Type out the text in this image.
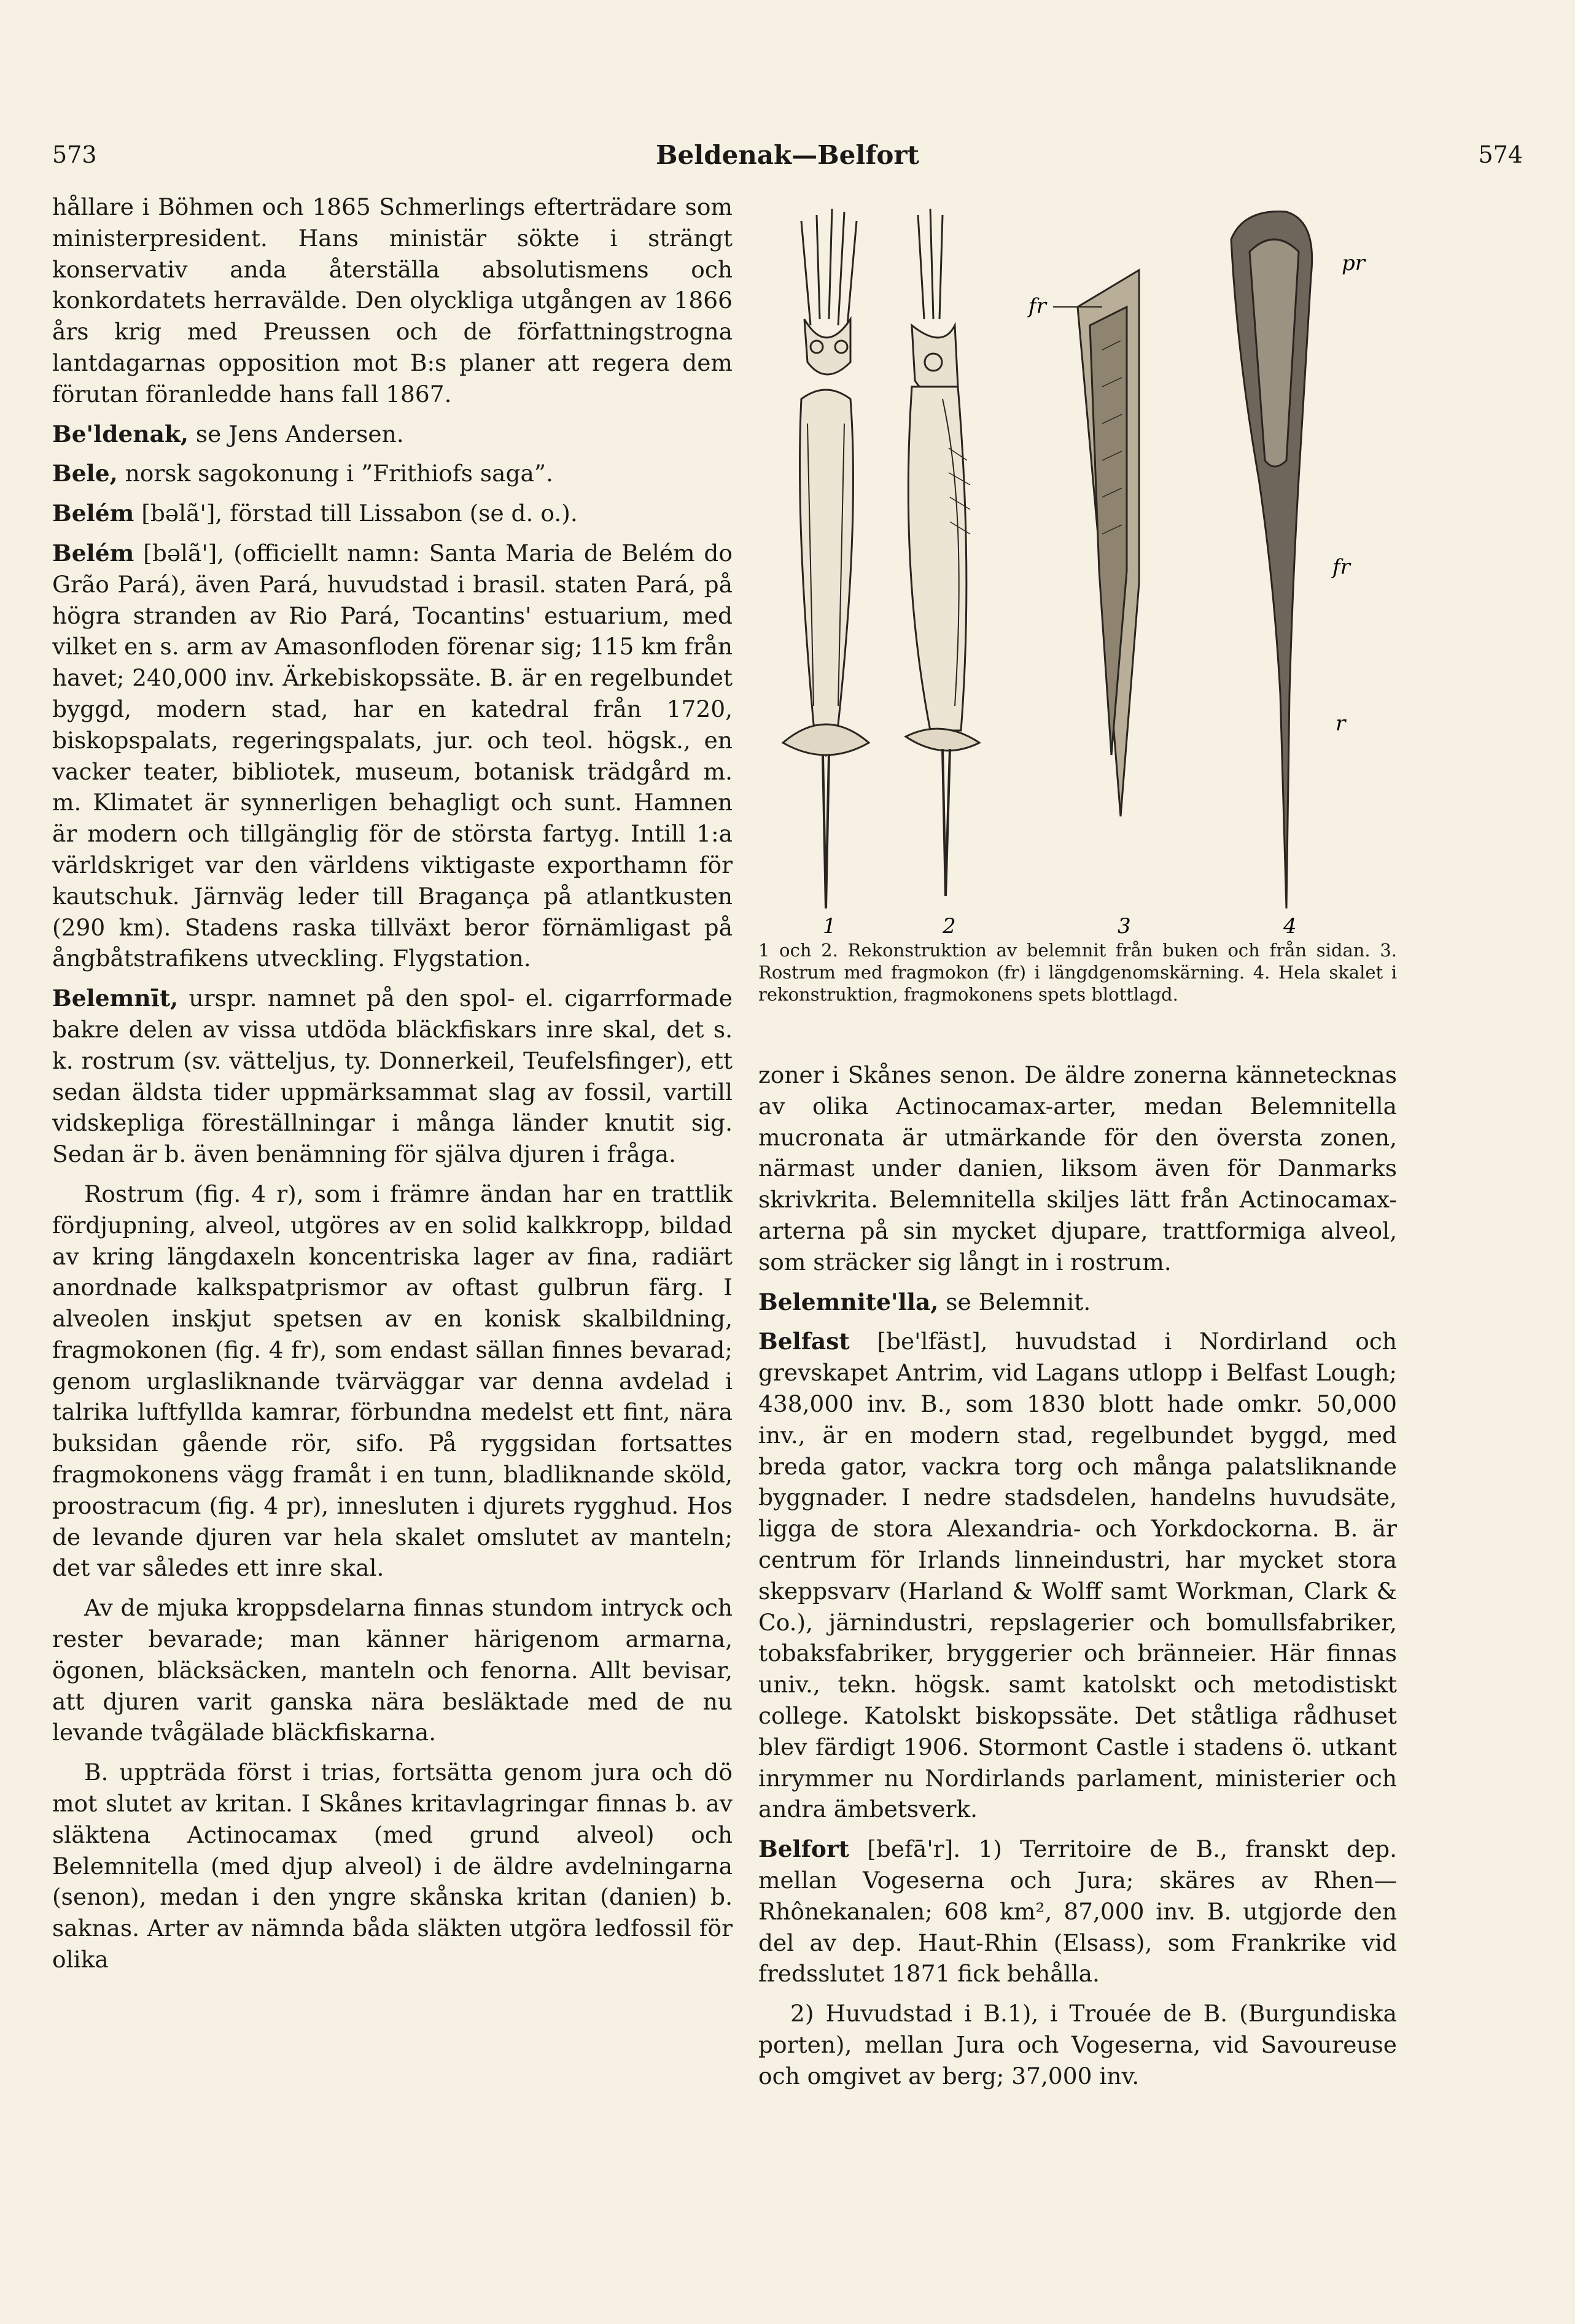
573	Beldenak—Belfort	574

hållare i Böhmen och 1865 Schmerlings efterträdare som ministerpresident. Hans ministär sökte i strängt konservativ anda återställa absolutismens och konkordatets herravälde. Den olyckliga utgången av 1866 års krig med Preussen och de författningstrogna lantdagarnas opposition mot B:s planer att regera dem förutan föranledde hans fall 1867.

Be'ldenak, se Jens Andersen.

Bele, norsk sagokonung i ”Frithiofs saga”.

Belém [bəlã'], förstad till Lissabon (se d. o.).

Belém [bəlã'], (officiellt namn: Santa Maria de Belém do Grão Pará), även Pará, huvudstad i brasil. staten Pará, på högra stranden av Rio Pará, Tocantins' estuarium, med vilket en s. arm av Amasonfloden förenar sig; 115 km från havet; 240,000 inv. Ärkebiskopssäte. B. är en regelbundet byggd, modern stad, har en katedral från 1720, biskopspalats, regeringspalats, jur. och teol. högsk., en vacker teater, bibliotek, museum, botanisk trädgård m. m. Klimatet är synnerligen behagligt och sunt. Hamnen är modern och tillgänglig för de största fartyg. Intill 1:a världskriget var den världens viktigaste exporthamn för kautschuk. Järnväg leder till Bragança på atlantkusten (290 km). Stadens raska tillväxt beror förnämligast på ångbåtstrafikens utveckling. Flygstation.

Belemnīt, urspr. namnet på den spol- el. cigarrformade bakre delen av vissa utdöda bläckfiskars inre skal, det s. k. rostrum (sv. vätteljus, ty. Donnerkeil, Teufelsfinger), ett sedan äldsta tider uppmärksammat slag av fossil, vartill vidskepliga föreställningar i många länder knutit sig. Sedan är b. även benämning för själva djuren i fråga.

Rostrum (fig. 4 r), som i främre ändan har en trattlik fördjupning, alveol, utgöres av en solid kalkkropp, bildad av kring längdaxeln koncentriska lager av fina, radiärt anordnade kalkspatprismor av oftast gulbrun färg. I alveolen inskjut spetsen av en konisk skalbildning, fragmokonen (fig. 4 fr), som endast sällan finnes bevarad; genom urglasliknande tvärväggar var denna avdelad i talrika luftfyllda kamrar, förbundna medelst ett fint, nära buksidan gående rör, sifo. På ryggsidan fortsattes fragmokonens vägg framåt i en tunn, bladliknande sköld, proostracum (fig. 4 pr), innesluten i djurets rygghud. Hos de levande djuren var hela skalet omslutet av manteln; det var således ett inre skal.

Av de mjuka kroppsdelarna finnas stundom intryck och rester bevarade; man känner härigenom armarna, ögonen, bläcksäcken, manteln och fenorna. Allt bevisar, att djuren varit ganska nära besläktade med de nu levande tvågälade bläckfiskarna.

B. uppträda först i trias, fortsätta genom jura och dö mot slutet av kritan. I Skånes kritavlagringar finnas b. av släktena Actinocamax (med grund alveol) och Belemnitella (med djup alveol) i de äldre avdelningarna (senon), medan i den yngre skånska kritan (danien) b. saknas. Arter av nämnda båda släkten utgöra ledfossil för olika

fr
pr
fr
r
1	2	3	4
1 och 2. Rekonstruktion av belemnit från buken och från sidan. 3. Rostrum med fragmokon (fr) i längdgenomskärning. 4. Hela skalet i rekonstruktion, fragmokonens spets blottlagd.

zoner i Skånes senon. De äldre zonerna kännetecknas av olika Actinocamax-arter, medan Belemnitella mucronata är utmärkande för den översta zonen, närmast under danien, liksom även för Danmarks skrivkrita. Belemnitella skiljes lätt från Actinocamax-arterna på sin mycket djupare, trattformiga alveol, som sträcker sig långt in i rostrum.

Belemnite'lla, se Belemnit.

Belfast [be'lfäst], huvudstad i Nordirland och grevskapet Antrim, vid Lagans utlopp i Belfast Lough; 438,000 inv. B., som 1830 blott hade omkr. 50,000 inv., är en modern stad, regelbundet byggd, med breda gator, vackra torg och många palatsliknande byggnader. I nedre stadsdelen, handelns huvudsäte, ligga de stora Alexandria- och Yorkdockorna. B. är centrum för Irlands linneindustri, har mycket stora skeppsvarv (Harland & Wolff samt Workman, Clark & Co.), järnindustri, repslagerier och bomullsfabriker, tobaksfabriker, bryggerier och bränneier. Här finnas univ., tekn. högsk. samt katolskt och metodistiskt college. Katolskt biskopssäte. Det ståtliga rådhuset blev färdigt 1906. Stormont Castle i stadens ö. utkant inrymmer nu Nordirlands parlament, ministerier och andra ämbetsverk.

Belfort [befā'r]. 1) Territoire de B., franskt dep. mellan Vogeserna och Jura; skäres av Rhen—Rhônekanalen; 608 km², 87,000 inv. B. utgjorde den del av dep. Haut-Rhin (Elsass), som Frankrike vid fredsslutet 1871 fick behålla.

2) Huvudstad i B.1), i Trouée de B. (Burgundiska porten), mellan Jura och Vogeserna, vid Savoureuse och omgivet av berg; 37,000 inv.
